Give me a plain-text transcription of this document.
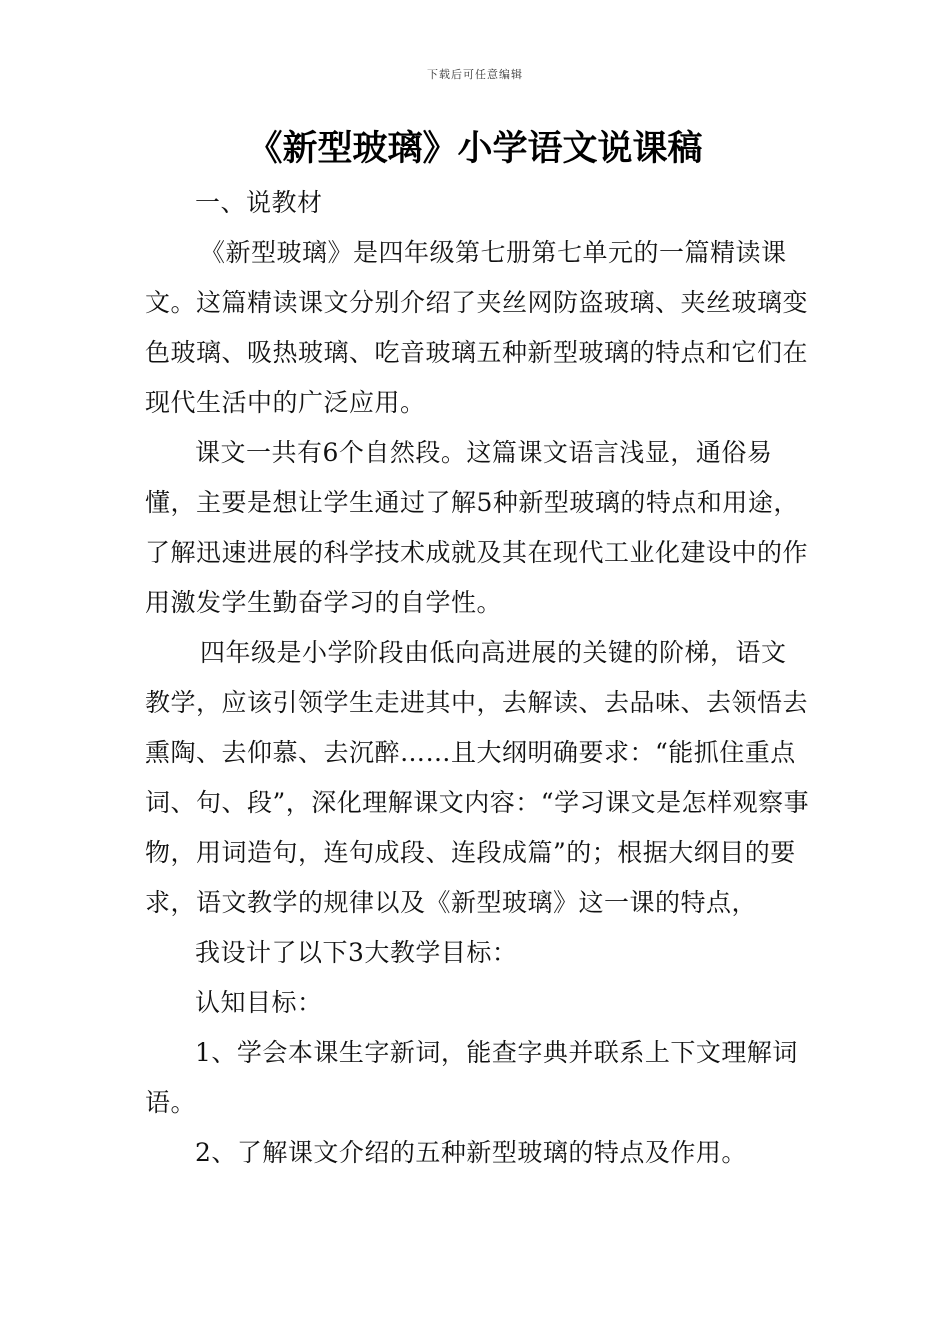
下载后可任意编辑
《新型玻璃》小学语文说课稿

一、说教材

《新型玻璃》是四年级第七册第七单元的一篇精读课文。这篇精读课文分别介绍了夹丝网防盗玻璃、夹丝玻璃变色玻璃、吸热玻璃、吃音玻璃五种新型玻璃的特点和它们在现代生活中的广泛应用。

课文一共有6个自然段。这篇课文语言浅显，通俗易懂，主要是想让学生通过了解5种新型玻璃的特点和用途，了解迅速进展的科学技术成就及其在现代工业化建设中的作用激发学生勤奋学习的自学性。

四年级是小学阶段由低向高进展的关键的阶梯，语文教学，应该引领学生走进其中，去解读、去品味、去领悟去熏陶、去仰慕、去沉醉……且大纲明确要求：“能抓住重点词、句、段”，深化理解课文内容：“学习课文是怎样观察事物，用词造句，连句成段、连段成篇”的；根据大纲目的要求，语文教学的规律以及《新型玻璃》这一课的特点，

我设计了以下3大教学目标：

认知目标：

1、学会本课生字新词，能查字典并联系上下文理解词语。

2、了解课文介绍的五种新型玻璃的特点及作用。
